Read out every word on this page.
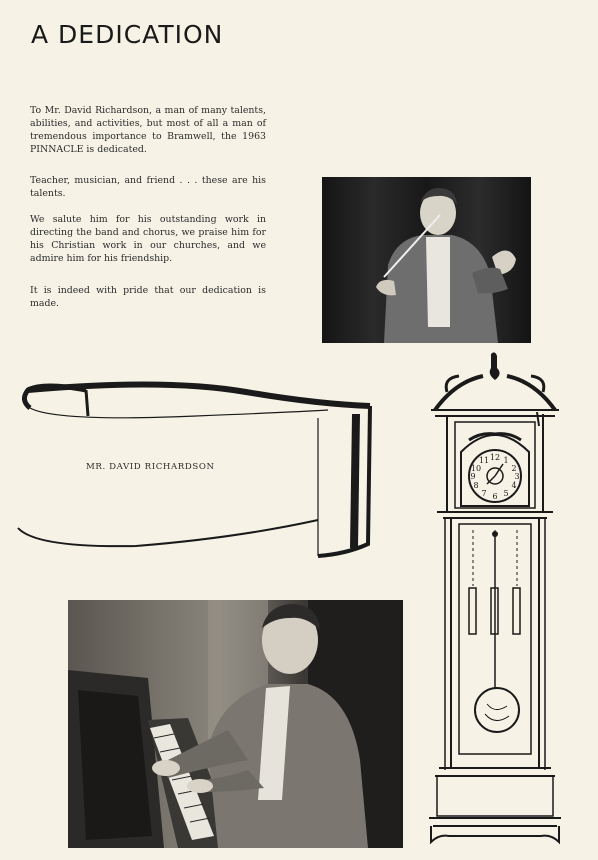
A DEDICATION

To Mr. David Richardson, a man of many talents, abilities, and activities, but most of all a man of tremendous importance to Bramwell, the 1963 PINNACLE is dedicated.

Teacher, musician, and friend . . . these are his talents.

We salute him for his outstanding work in directing the band and chorus, we praise him for his Christian work in our churches, and we admire him for his friendship.

It is indeed with pride that our dedication is made.

MR. DAVID RICHARDSON
12 1
2
3
4
5
6
7
8
9
10
11
